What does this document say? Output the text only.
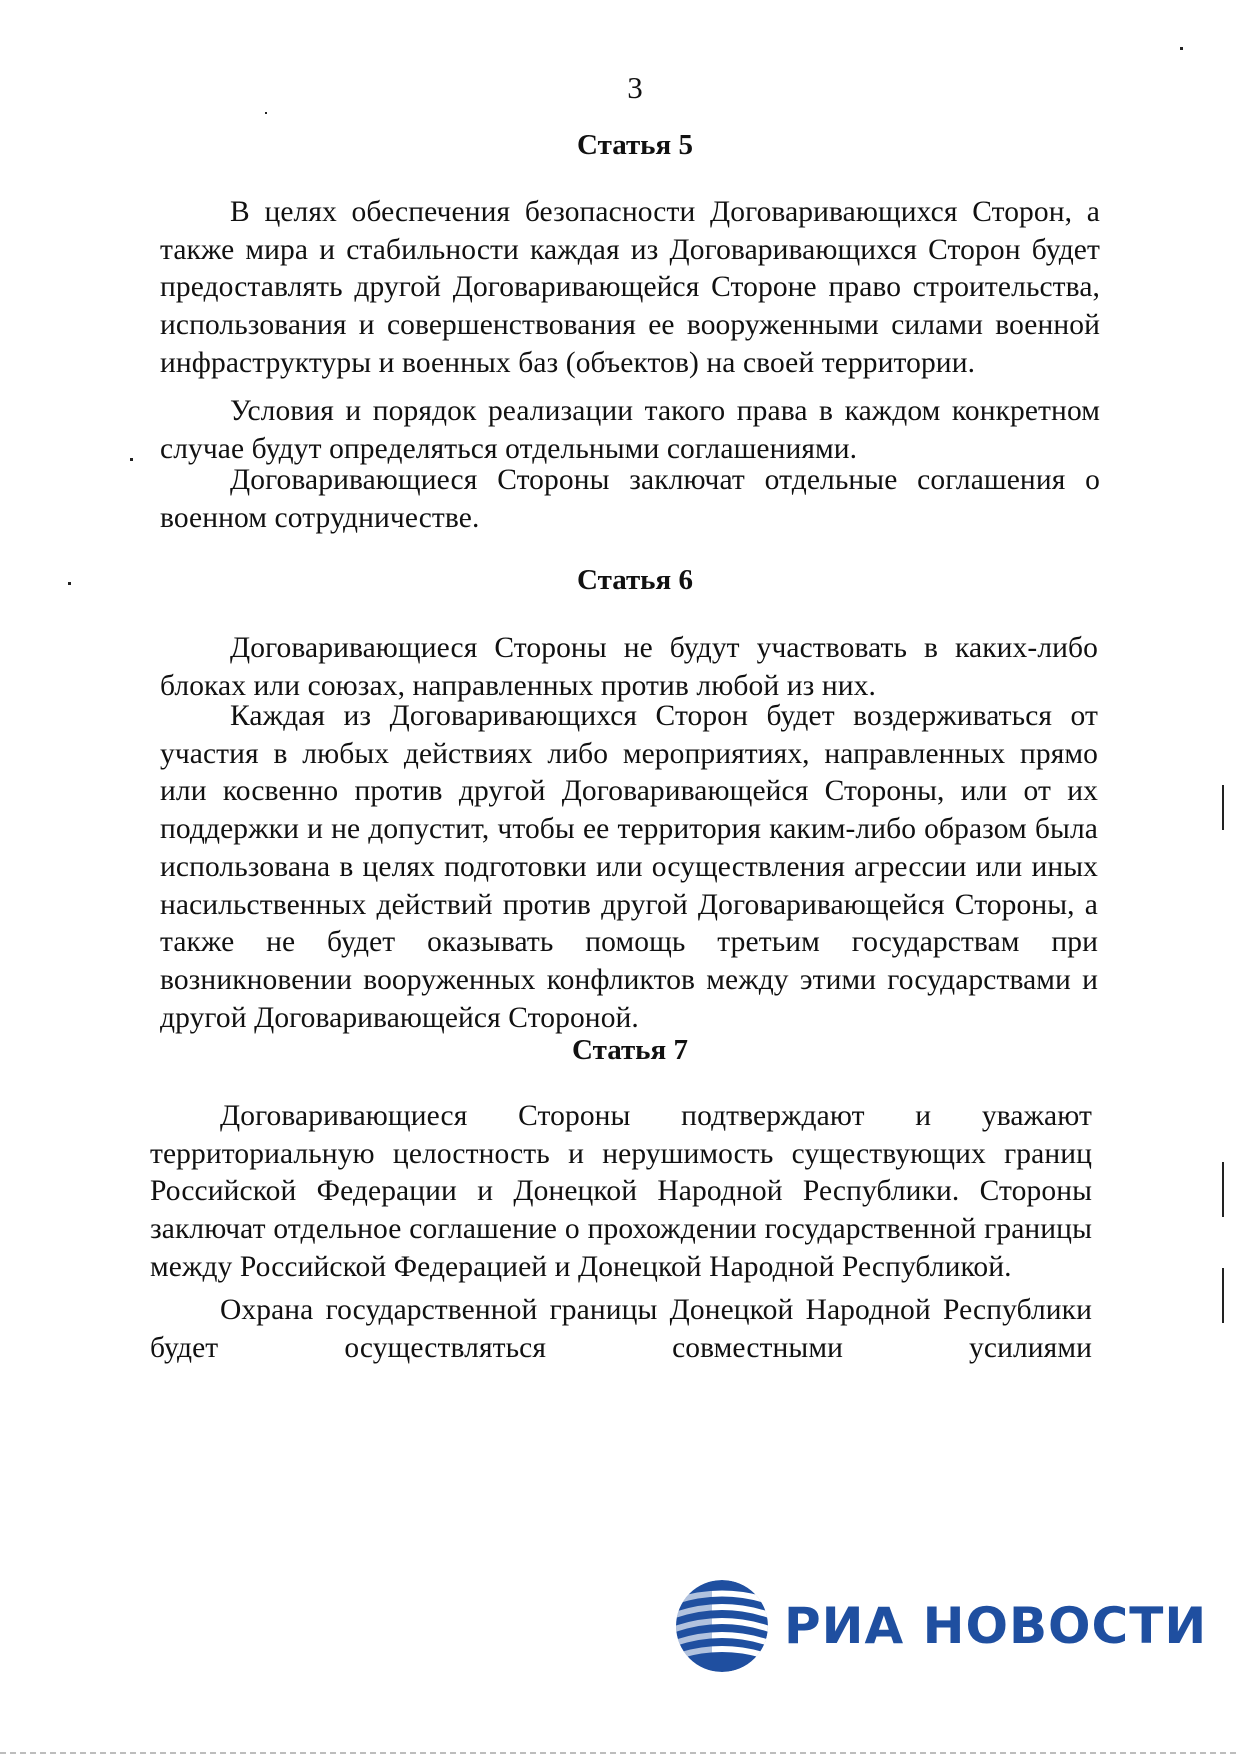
3
Статья 5

В целях обеспечения безопасности Договаривающихся Сторон, а также мира и стабильности каждая из Договаривающихся Сторон будет предоставлять другой Договаривающейся Стороне право строительства, использования и совершенствования ее вооруженными силами военной инфраструктуры и военных баз (объектов) на своей территории.

Условия и порядок реализации такого права в каждом конкретном случае будут определяться отдельными соглашениями.

Договаривающиеся Стороны заключат отдельные соглашения о военном сотрудничестве.

Статья 6

Договаривающиеся Стороны не будут участвовать в каких-либо блоках или союзах, направленных против любой из них.

Каждая из Договаривающихся Сторон будет воздерживаться от участия в любых действиях либо мероприятиях, направленных прямо или косвенно против другой Договаривающейся Стороны, или от их поддержки и не допустит, чтобы ее территория каким-либо образом была использована в целях подготовки или осуществления агрессии или иных насильственных действий против другой Договаривающейся Стороны, а также не будет оказывать помощь третьим государствам при возникновении вооруженных конфликтов между этими государствами и другой Договаривающейся Стороной.

Статья 7

Договаривающиеся Стороны подтверждают и уважают территориальную целостность и нерушимость существующих границ Российской Федерации и Донецкой Народной Республики. Стороны заключат отдельное соглашение о прохождении государственной границы между Российской Федерацией и Донецкой Народной Республикой.

Охрана государственной границы Донецкой Народной Республики будет осуществляться совместными усилиями

РИА НОВОСТИ
